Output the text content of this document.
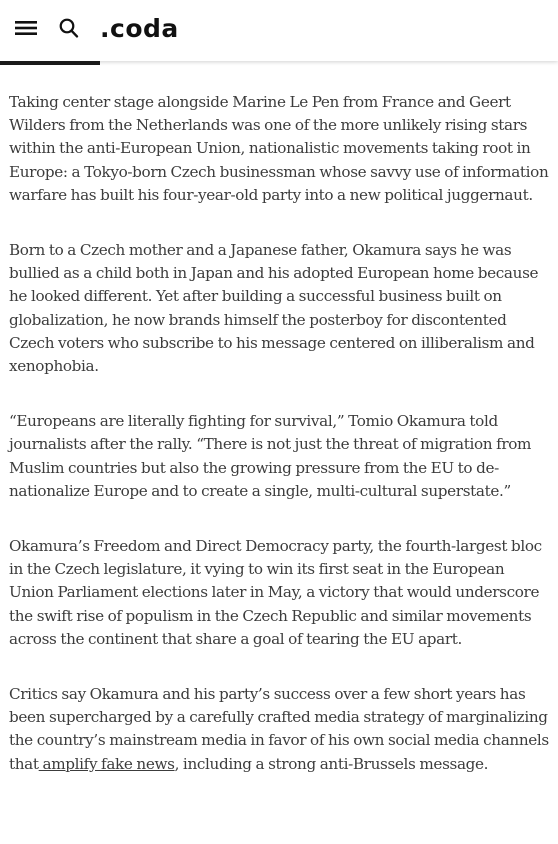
.coda

Taking center stage alongside Marine Le Pen from France and Geert Wilders from the Netherlands was one of the more unlikely rising stars within the anti-European Union, nationalistic movements taking root in Europe: a Tokyo-born Czech businessman whose savvy use of information warfare has built his four-year-old party into a new political juggernaut.

Born to a Czech mother and a Japanese father, Okamura says he was bullied as a child both in Japan and his adopted European home because he looked different. Yet after building a successful business built on globalization, he now brands himself the posterboy for discontented Czech voters who subscribe to his message centered on illiberalism and xenophobia.

“Europeans are literally fighting for survival,” Tomio Okamura told journalists after the rally. “There is not just the threat of migration from Muslim countries but also the growing pressure from the EU to de-nationalize Europe and to create a single, multi-cultural superstate.”

Okamura’s Freedom and Direct Democracy party, the fourth-largest bloc in the Czech legislature, it vying to win its first seat in the European Union Parliament elections later in May, a victory that would underscore the swift rise of populism in the Czech Republic and similar movements across the continent that share a goal of tearing the EU apart.

Critics say Okamura and his party’s success over a few short years has been supercharged by a carefully crafted media strategy of marginalizing the country’s mainstream media in favor of his own social media channels that amplify fake news, including a strong anti-Brussels message.
